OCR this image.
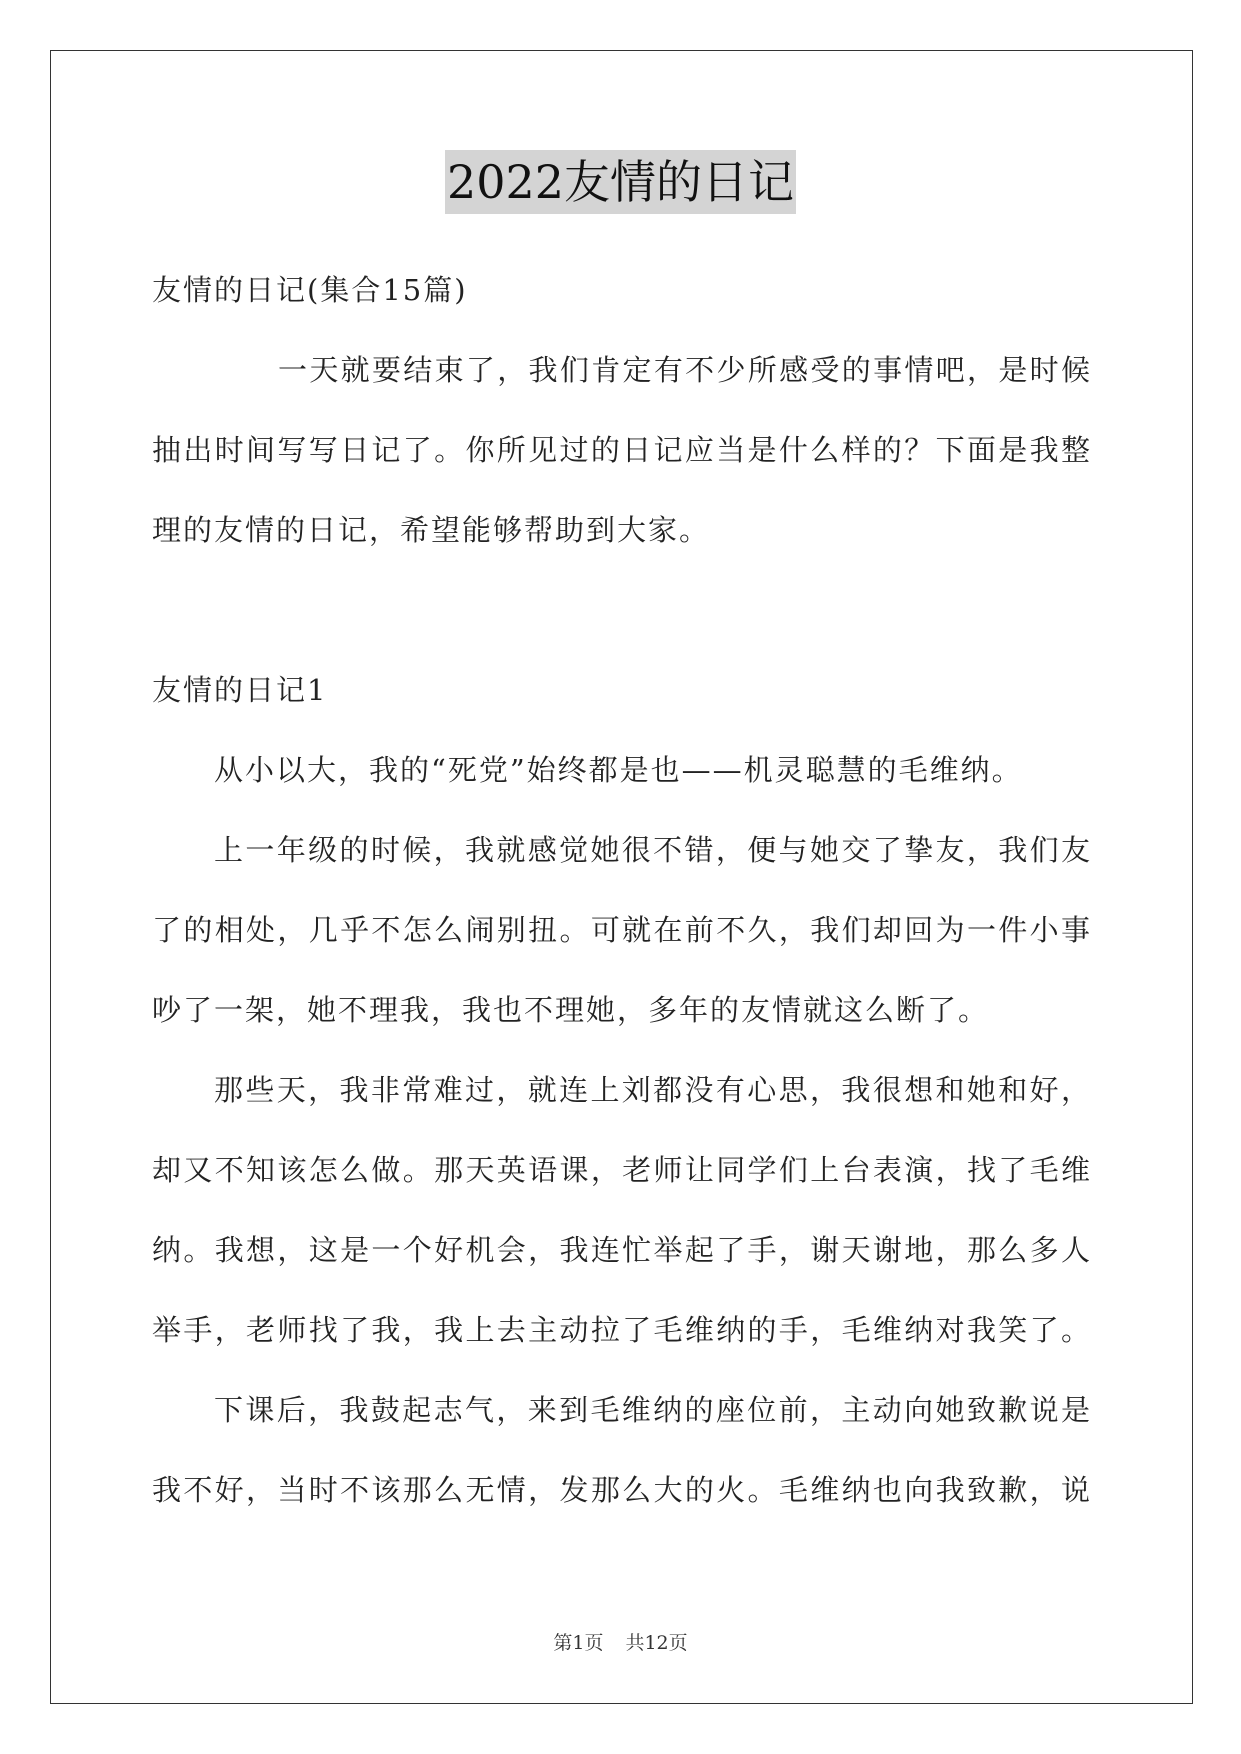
2022友情的日记
友情的日记(集合15篇)
一天就要结束了，我们肯定有不少所感受的事情吧，是时候
抽出时间写写日记了。你所见过的日记应当是什么样的？下面是我整
理的友情的日记，希望能够帮助到大家。
友情的日记1
从小以大，我的“死党”始终都是也——机灵聪慧的毛维纳。
上一年级的时候，我就感觉她很不错，便与她交了挚友，我们友
了的相处，几乎不怎么闹别扭。可就在前不久，我们却回为一件小事
吵了一架，她不理我，我也不理她，多年的友情就这么断了。
那些天，我非常难过，就连上刘都没有心思，我很想和她和好，
却又不知该怎么做。那天英语课，老师让同学们上台表演，找了毛维
纳。我想，这是一个好机会，我连忙举起了手，谢天谢地，那么多人
举手，老师找了我，我上去主动拉了毛维纳的手，毛维纳对我笑了。
下课后，我鼓起志气，来到毛维纳的座位前，主动向她致歉说是
我不好，当时不该那么无情，发那么大的火。毛维纳也向我致歉，说
第1页 共12页
